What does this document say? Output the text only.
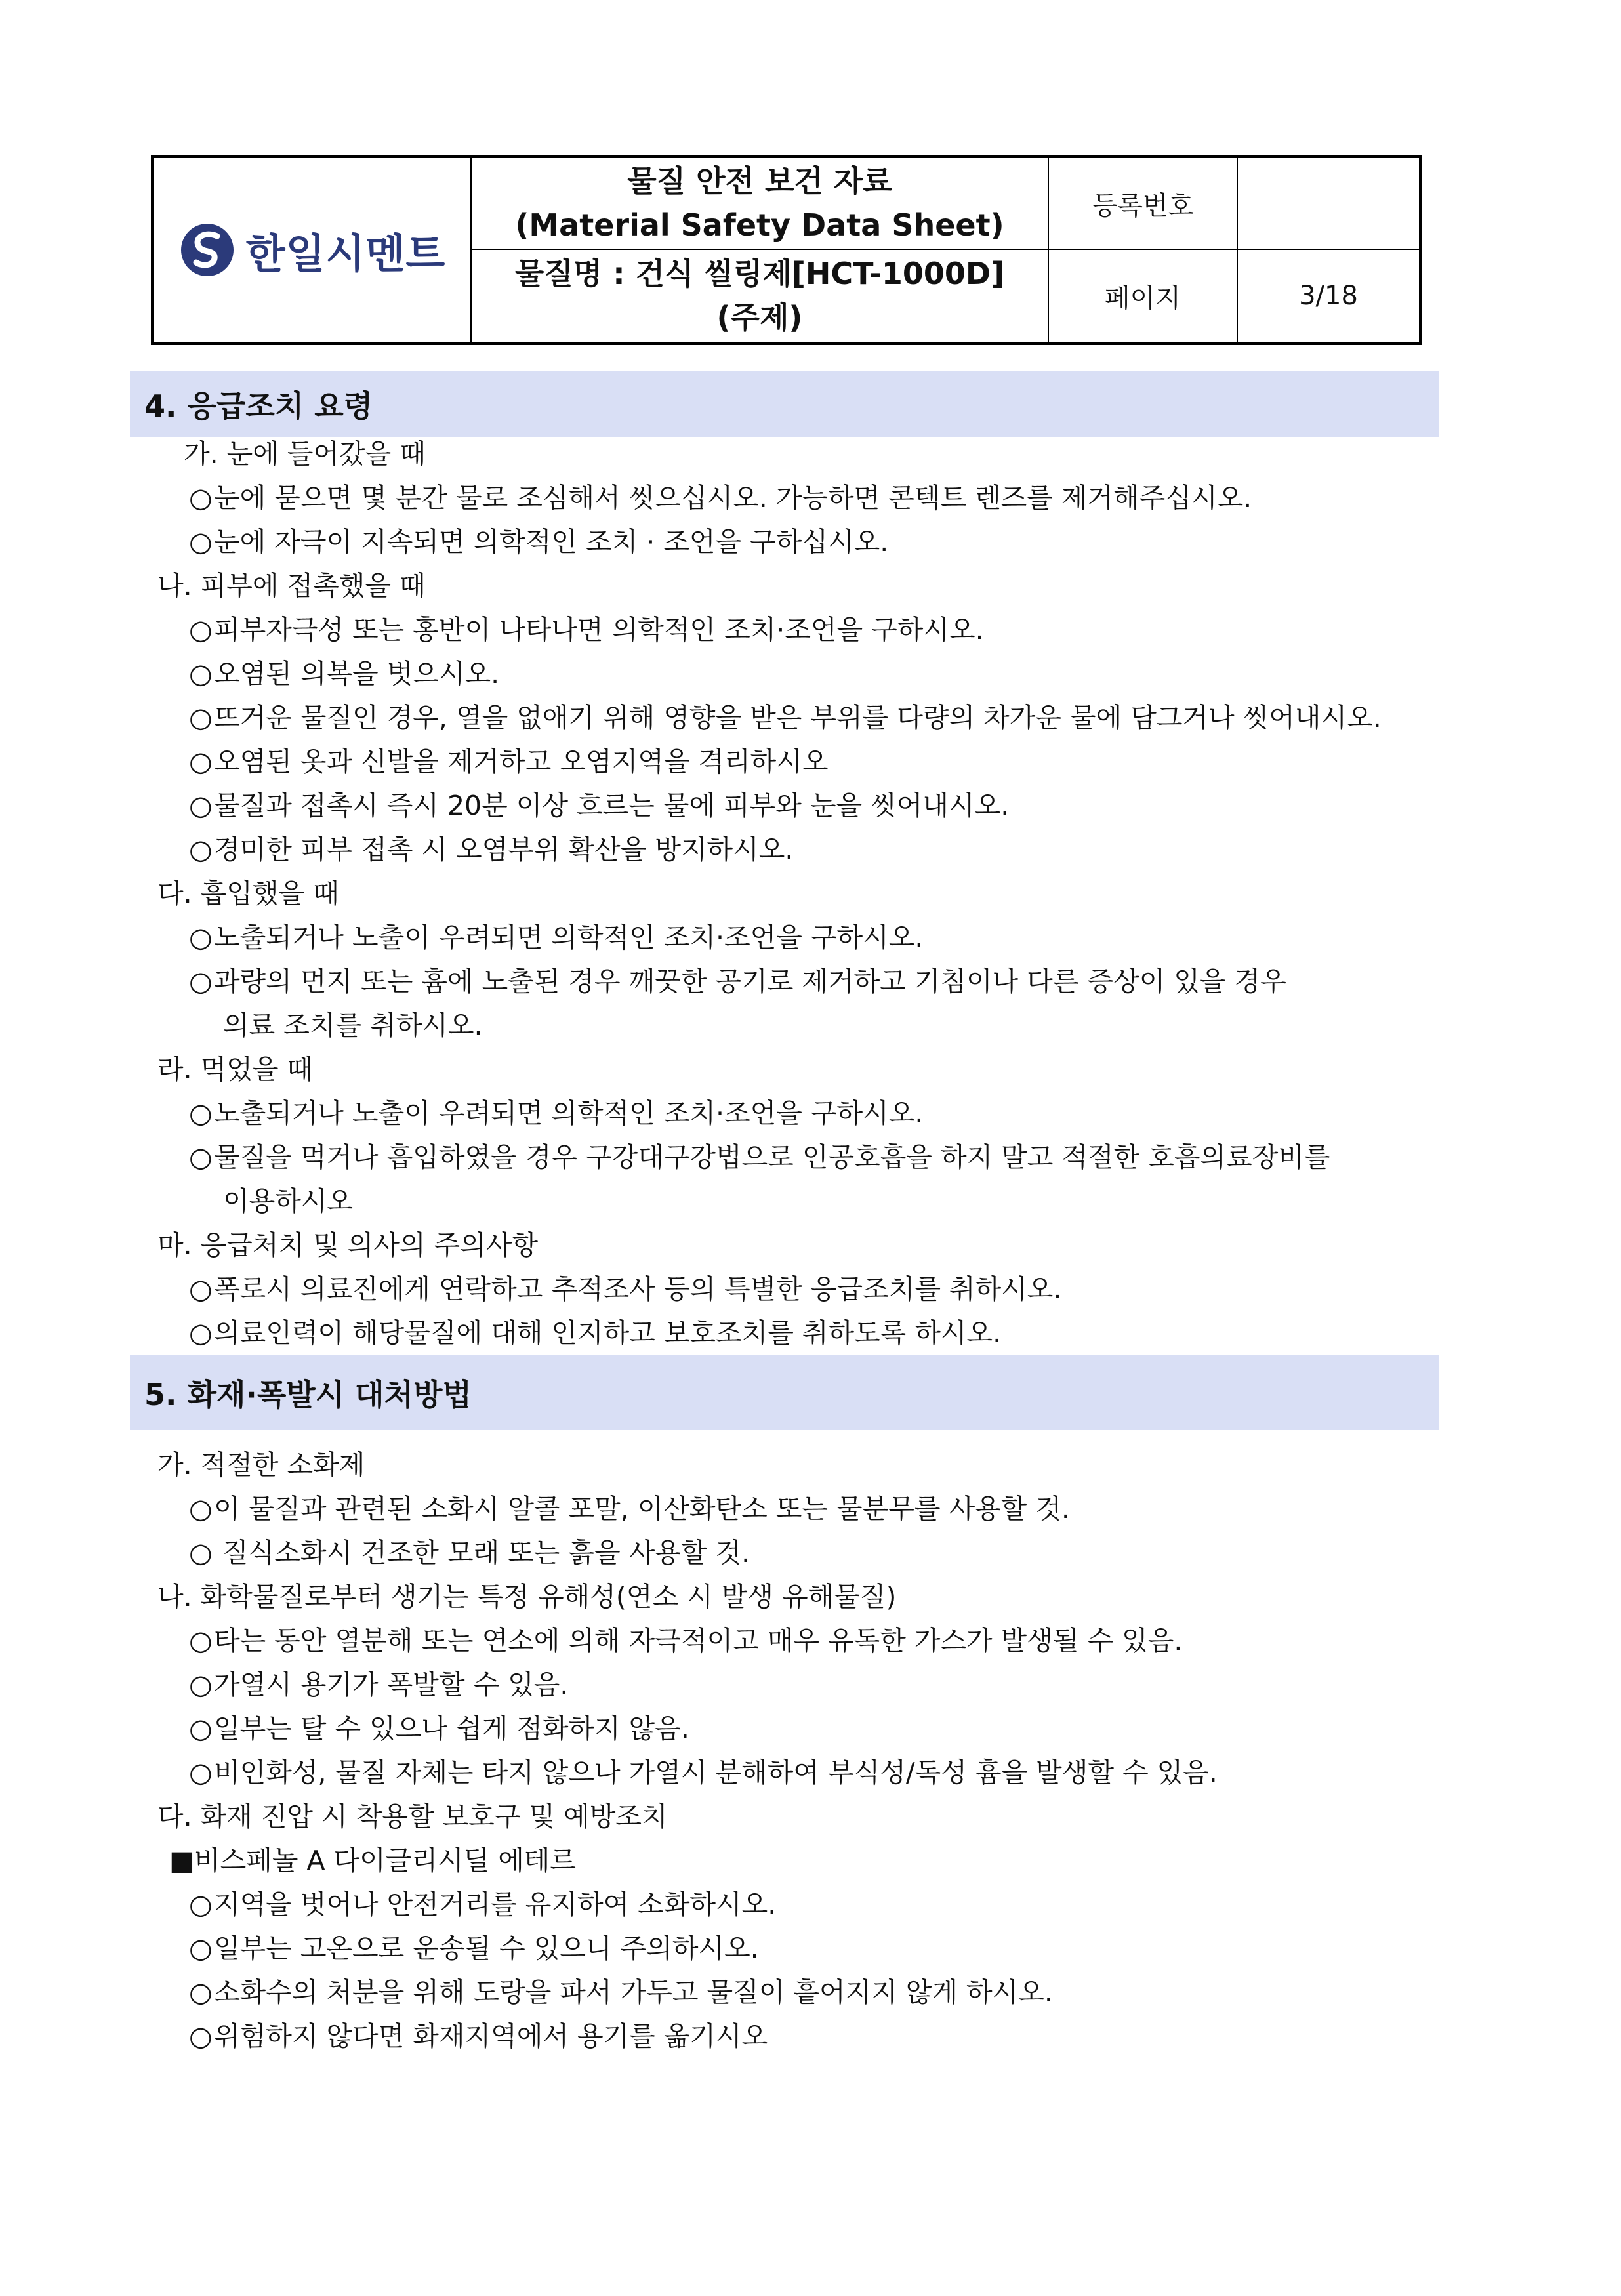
한일시멘트
물질 안전 보건 자료
(Material Safety Data Sheet)
물질명 : 건식 씰링제[HCT-1000D]
(주제)
등록번호
페이지	3/18
4. 응급조치 요령
가. 눈에 들어갔을 때
○눈에 묻으면 몇 분간 물로 조심해서 씻으십시오. 가능하면 콘텍트 렌즈를 제거해주십시오.
○눈에 자극이 지속되면 의학적인 조치 · 조언을 구하십시오.
나. 피부에 접촉했을 때
○피부자극성 또는 홍반이 나타나면 의학적인 조치·조언을 구하시오.
○오염된 의복을 벗으시오.
○뜨거운 물질인 경우, 열을 없애기 위해 영향을 받은 부위를 다량의 차가운 물에 담그거나 씻어내시오.
○오염된 옷과 신발을 제거하고 오염지역을 격리하시오
○물질과 접촉시 즉시 20분 이상 흐르는 물에 피부와 눈을 씻어내시오.
○경미한 피부 접촉 시 오염부위 확산을 방지하시오.
다. 흡입했을 때
○노출되거나 노출이 우려되면 의학적인 조치·조언을 구하시오.
○과량의 먼지 또는 흄에 노출된 경우 깨끗한 공기로 제거하고 기침이나 다른 증상이 있을 경우
의료 조치를 취하시오.
라. 먹었을 때
○노출되거나 노출이 우려되면 의학적인 조치·조언을 구하시오.
○물질을 먹거나 흡입하였을 경우 구강대구강법으로 인공호흡을 하지 말고 적절한 호흡의료장비를
이용하시오
마. 응급처치 및 의사의 주의사항
○폭로시 의료진에게 연락하고 추적조사 등의 특별한 응급조치를 취하시오.
○의료인력이 해당물질에 대해 인지하고 보호조치를 취하도록 하시오.
5. 화재·폭발시 대처방법
가. 적절한 소화제
○이 물질과 관련된 소화시 알콜 포말, 이산화탄소 또는 물분무를 사용할 것.
○ 질식소화시 건조한 모래 또는 흙을 사용할 것.
나. 화학물질로부터 생기는 특정 유해성(연소 시 발생 유해물질)
○타는 동안 열분해 또는 연소에 의해 자극적이고 매우 유독한 가스가 발생될 수 있음.
○가열시 용기가 폭발할 수 있음.
○일부는 탈 수 있으나 쉽게 점화하지 않음.
○비인화성, 물질 자체는 타지 않으나 가열시 분해하여 부식성/독성 흄을 발생할 수 있음.
다. 화재 진압 시 착용할 보호구 및 예방조치
■비스페놀 A 다이글리시딜 에테르
○지역을 벗어나 안전거리를 유지하여 소화하시오.
○일부는 고온으로 운송될 수 있으니 주의하시오.
○소화수의 처분을 위해 도랑을 파서 가두고 물질이 흩어지지 않게 하시오.
○위험하지 않다면 화재지역에서 용기를 옮기시오
